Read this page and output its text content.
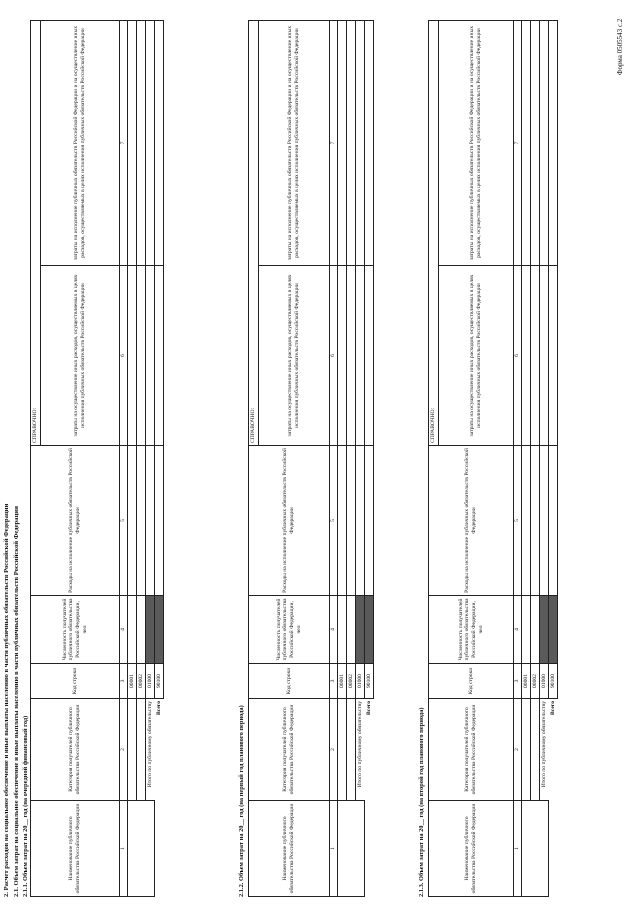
Форма 0505543 с.2
2. Расчет расходов на социальное обеспечение и иные выплаты населению в части публичных обязательств Российской Федерации 2.1. Объем затрат на социальное обеспечение и иные выплаты населению в части публичных обязательств Российской Федерации 2.1.1. Объем затрат на 20__ год (на очередной финансовый год)	Наименование публичного обязательства Российской Федерации	Категория получателей публичного обязательства Российской Федерации	Код строки	Численность получателей публичного обязательства Российской Федерации, чел	Расходы на исполнение публичных обязательств Российской Федерации	СПРАВОЧНО:	
					затраты на осуществление иных расходов, осуществляемых в целях исполнения публичных обязательств Российской Федерации	затраты на исполнение публичных обязательств Российской Федерации и на осуществление иных расходов, осуществляемых в целях исполнения публичных обязательств Российской Федерации
1	2	3	4	5	6	7
		00001				
		00002				
	Итого по публичному обязательству	01000				
	Всего	90100				
2.1.2. Объем затрат на 20__ год (на первый год планового периода)	Наименование публичного обязательства Российской Федерации	Категория получателей публичного обязательства Российской Федерации	Код строки	Численность получателей публичного обязательства Российской Федерации, чел	Расходы на исполнение публичных обязательств Российской Федерации	СПРАВОЧНО:	
					затраты на осуществление иных расходов, осуществляемых в целях исполнения публичных обязательств Российской Федерации	затраты на исполнение публичных обязательств Российской Федерации и на осуществление иных расходов, осуществляемых в целях исполнения публичных обязательств Российской Федерации
1	2	3	4	5	6	7
		00001				
		00002				
	Итого по публичному обязательству	01000				
	Всего	90100				
2.1.3. Объем затрат на 20__ год (на второй год планового периода)	Наименование публичного обязательства Российской Федерации	Категория получателей публичного обязательства Российской Федерации	Код строки	Численность получателей публичного обязательства Российской Федерации, чел	Расходы на исполнение публичных обязательств Российской Федерации	СПРАВОЧНО:	
					затраты на осуществление иных расходов, осуществляемых в целях исполнения публичных обязательств Российской Федерации	затраты на исполнение публичных обязательств Российской Федерации и на осуществление иных расходов, осуществляемых в целях исполнения публичных обязательств Российской Федерации
1	2	3	4	5	6	7
		00001				
		00002				
	Итого по публичному обязательству	01000				
	Всего	90100				
